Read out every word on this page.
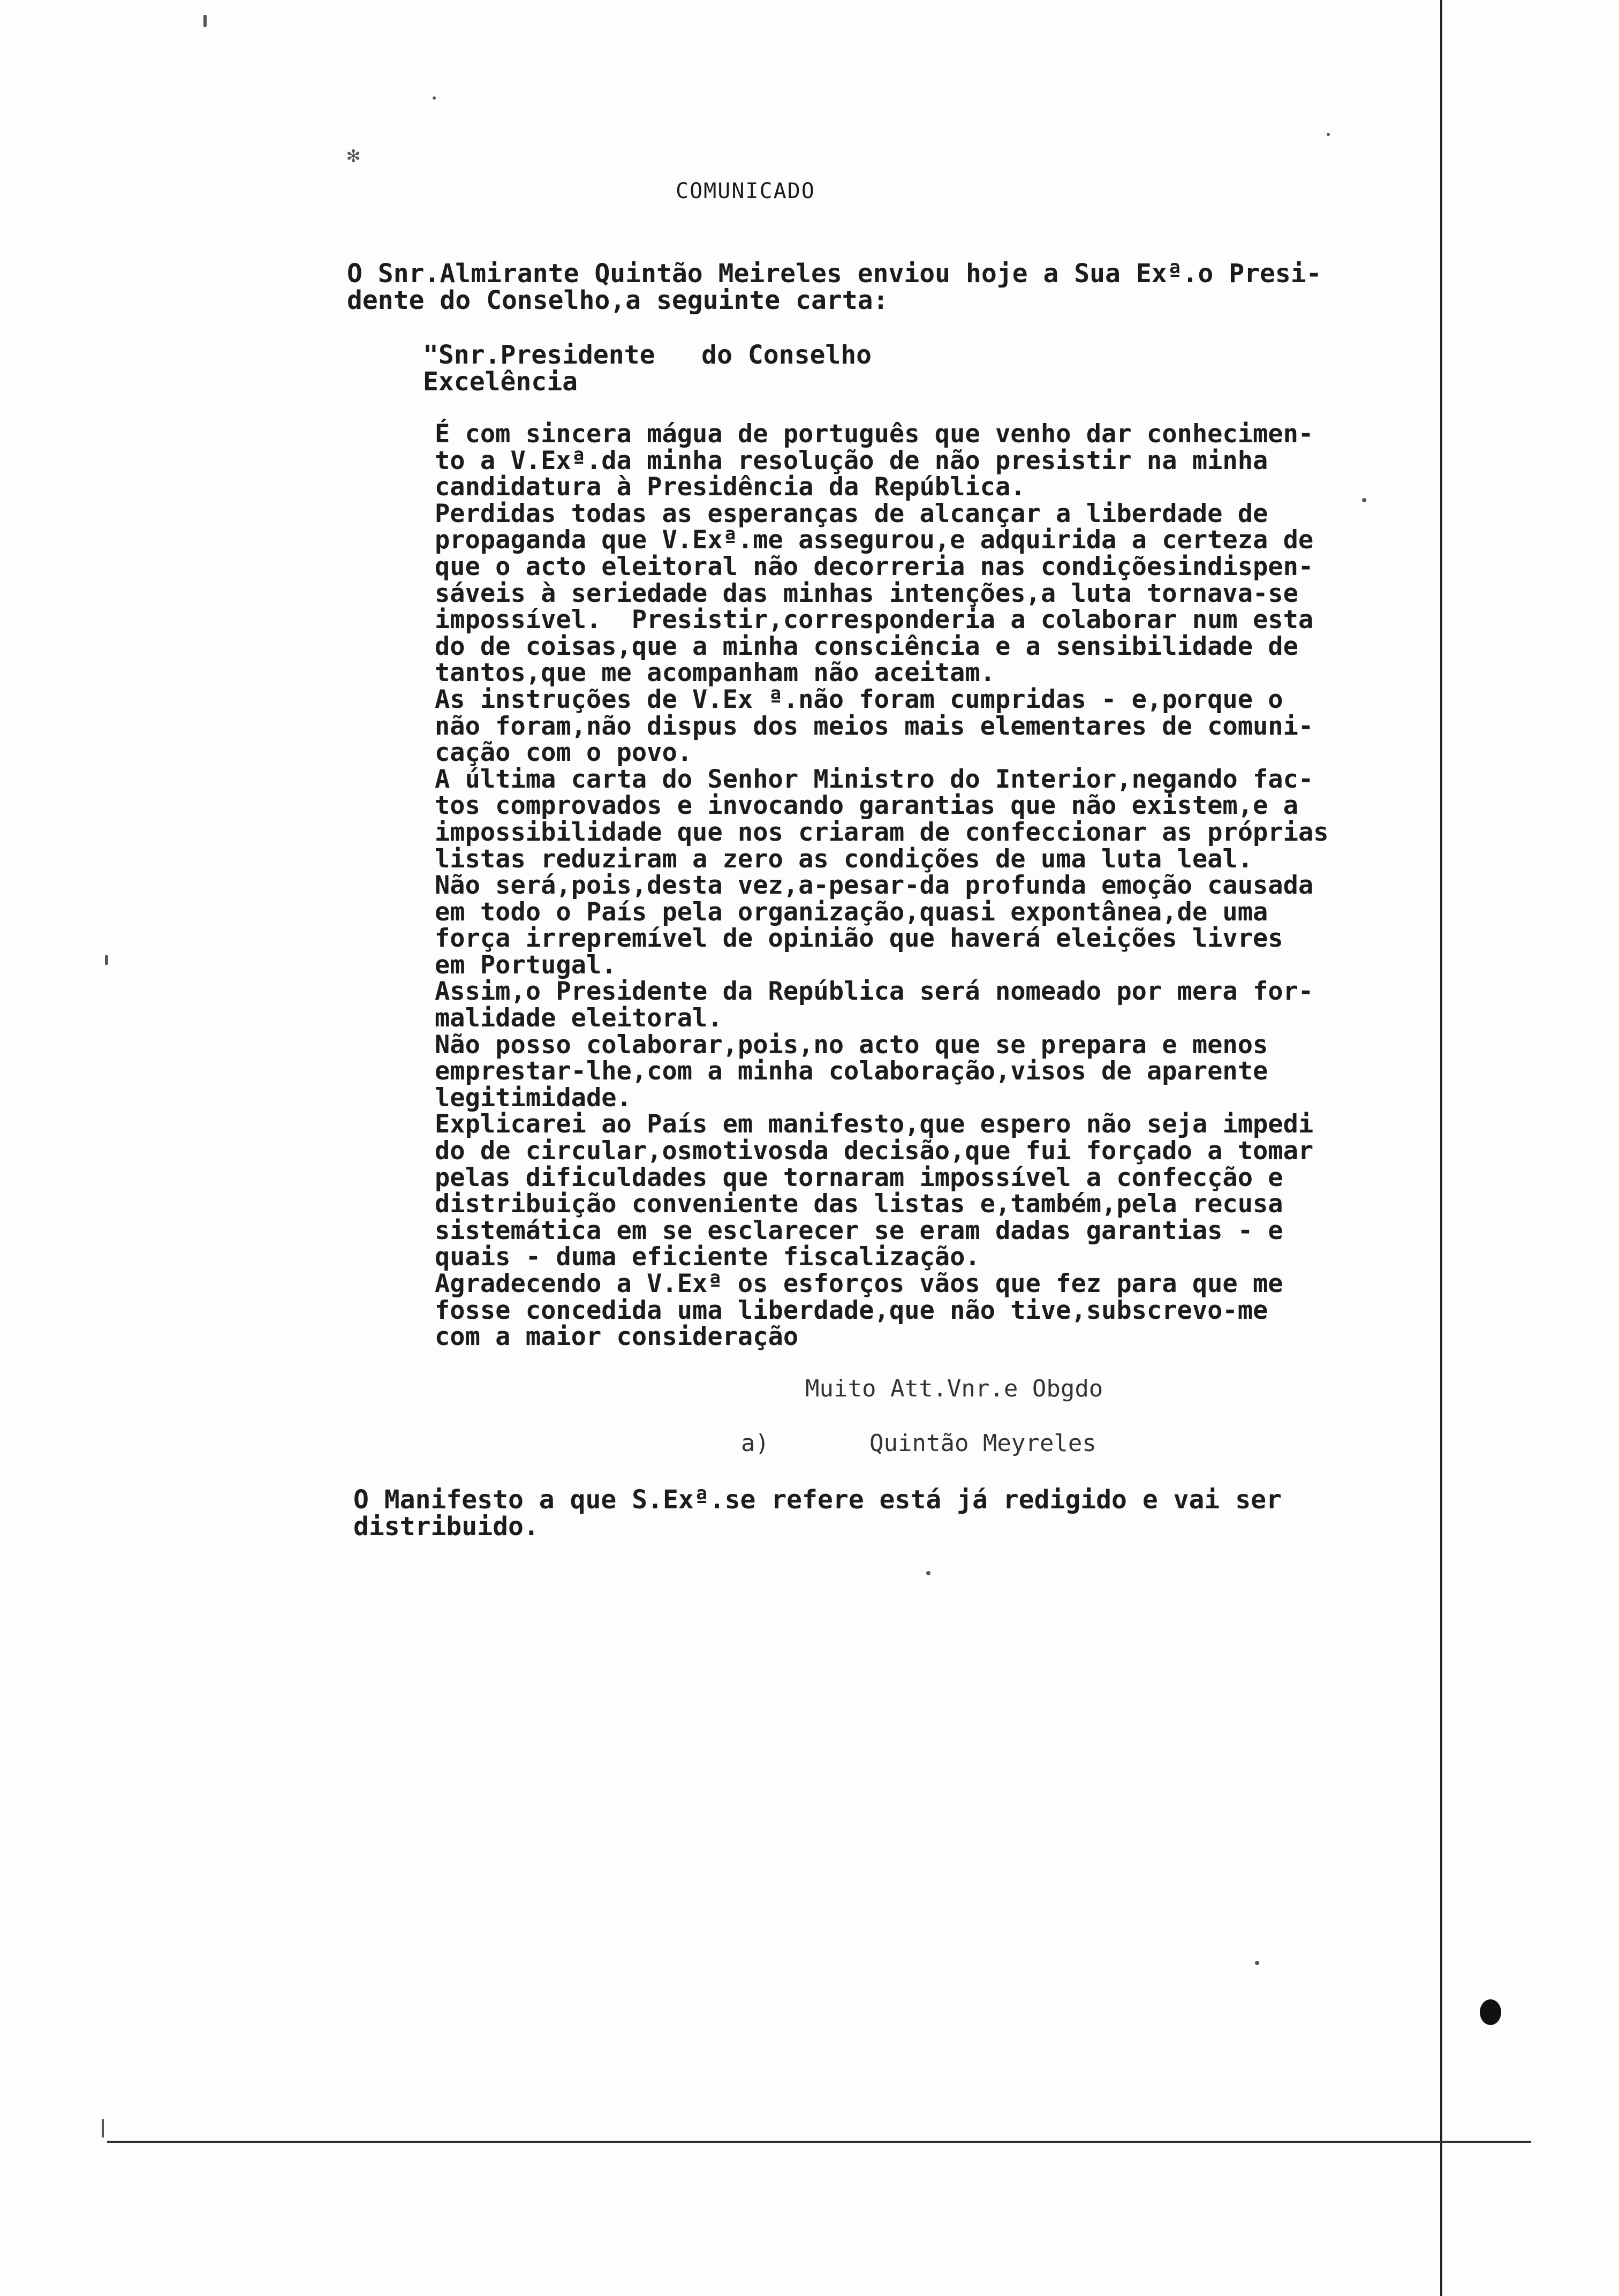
✻
COMUNICADO
O Snr.Almirante Quintão Meireles enviou hoje a Sua Exª.o Presi-
dente do Conselho,a seguinte carta:
"Snr.Presidente   do Conselho
Excelência
É com sincera mágua de português que venho dar conhecimen-
to a V.Exª.da minha resolução de não presistir na minha
candidatura à Presidência da República.
Perdidas todas as esperanças de alcançar a liberdade de
propaganda que V.Exª.me assegurou,e adquirida a certeza de
que o acto eleitoral não decorreria nas condiçõesindispen-
sáveis à seriedade das minhas intenções,a luta tornava-se
impossível.  Presistir,corresponderia a colaborar num esta
do de coisas,que a minha consciência e a sensibilidade de
tantos,que me acompanham não aceitam.
As instruções de V.Ex ª.não foram cumpridas - e,porque o
não foram,não dispus dos meios mais elementares de comuni-
cação com o povo.
A última carta do Senhor Ministro do Interior,negando fac-
tos comprovados e invocando garantias que não existem,e a
impossibilidade que nos criaram de confeccionar as próprias
listas reduziram a zero as condições de uma luta leal.
Não será,pois,desta vez,a-pesar-da profunda emoção causada
em todo o País pela organização,quasi expontânea,de uma
força irrepremível de opinião que haverá eleições livres
em Portugal.
Assim,o Presidente da República será nomeado por mera for-
malidade eleitoral.
Não posso colaborar,pois,no acto que se prepara e menos
emprestar-lhe,com a minha colaboração,visos de aparente
legitimidade.
Explicarei ao País em manifesto,que espero não seja impedi
do de circular,osmotivosda decisão,que fui forçado a tomar
pelas dificuldades que tornaram impossível a confecção e
distribuição conveniente das listas e,também,pela recusa
sistemática em se esclarecer se eram dadas garantias - e
quais - duma eficiente fiscalização.
Agradecendo a V.Exª os esforços vãos que fez para que me
fosse concedida uma liberdade,que não tive,subscrevo-me
com a maior consideração
Muito Att.Vnr.e Obgdo
a)	Quintão Meyreles
O Manifesto a que S.Exª.se refere está já redigido e vai ser
distribuido.
